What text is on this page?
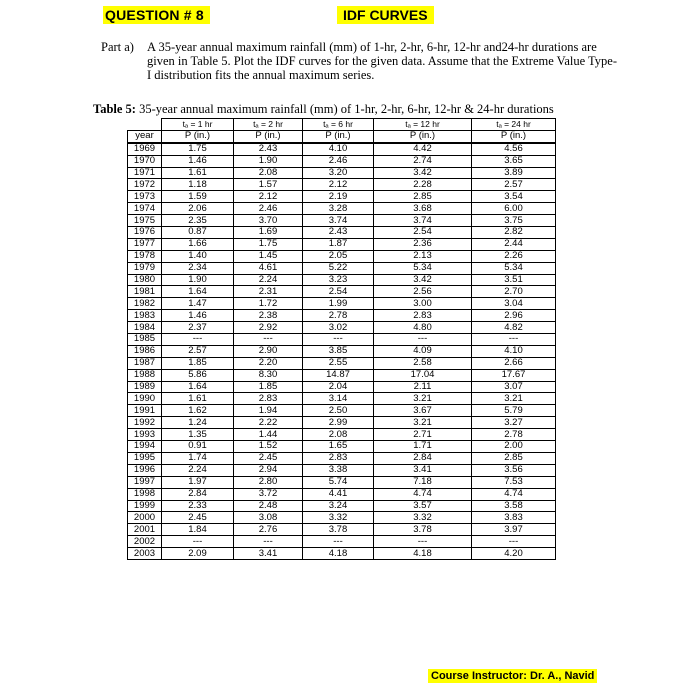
QUESTION # 8	IDF CURVES
Part a)	A 35-year annual maximum rainfall (mm) of 1-hr, 2-hr, 6-hr, 12-hr and24-hr durations are given in Table 5. Plot the IDF curves for the given data. Assume that the Extreme Value Type-I distribution fits the annual maximum series.
Table 5: 35-year annual maximum rainfall (mm) of 1-hr, 2-hr, 6-hr, 12-hr & 24-hr durations
	tₐ = 1 hr	tₐ = 2 hr	tₐ = 6 hr	tₐ = 12 hr	tₐ = 24 hr
year	P (in.)	P (in.)	P (in.)	P (in.)	P (in.)
1969	1.75	2.43	4.10	4.42	4.56
1970	1.46	1.90	2.46	2.74	3.65
1971	1.61	2.08	3.20	3.42	3.89
1972	1.18	1.57	2.12	2.28	2.57
1973	1.59	2.12	2.19	2.85	3.54
1974	2.06	2.46	3.28	3.68	6.00
1975	2.35	3.70	3.74	3.74	3.75
1976	0.87	1.69	2.43	2.54	2.82
1977	1.66	1.75	1.87	2.36	2.44
1978	1.40	1.45	2.05	2.13	2.26
1979	2.34	4.61	5.22	5.34	5.34
1980	1.90	2.24	3.23	3.42	3.51
1981	1.64	2.31	2.54	2.56	2.70
1982	1.47	1.72	1.99	3.00	3.04
1983	1.46	2.38	2.78	2.83	2.96
1984	2.37	2.92	3.02	4.80	4.82
1985	---	---	---	---	---
1986	2.57	2.90	3.85	4.09	4.10
1987	1.85	2.20	2.55	2.58	2.66
1988	5.86	8.30	14.87	17.04	17.67
1989	1.64	1.85	2.04	2.11	3.07
1990	1.61	2.83	3.14	3.21	3.21
1991	1.62	1.94	2.50	3.67	5.79
1992	1.24	2.22	2.99	3.21	3.27
1993	1.35	1.44	2.08	2.71	2.78
1994	0.91	1.52	1.65	1.71	2.00
1995	1.74	2.45	2.83	2.84	2.85
1996	2.24	2.94	3.38	3.41	3.56
1997	1.97	2.80	5.74	7.18	7.53
1998	2.84	3.72	4.41	4.74	4.74
1999	2.33	2.48	3.24	3.57	3.58
2000	2.45	3.08	3.32	3.32	3.83
2001	1.84	2.76	3.78	3.78	3.97
2002	---	---	---	---	---
2003	2.09	3.41	4.18	4.18	4.20
Course Instructor: Dr. A., Navid
